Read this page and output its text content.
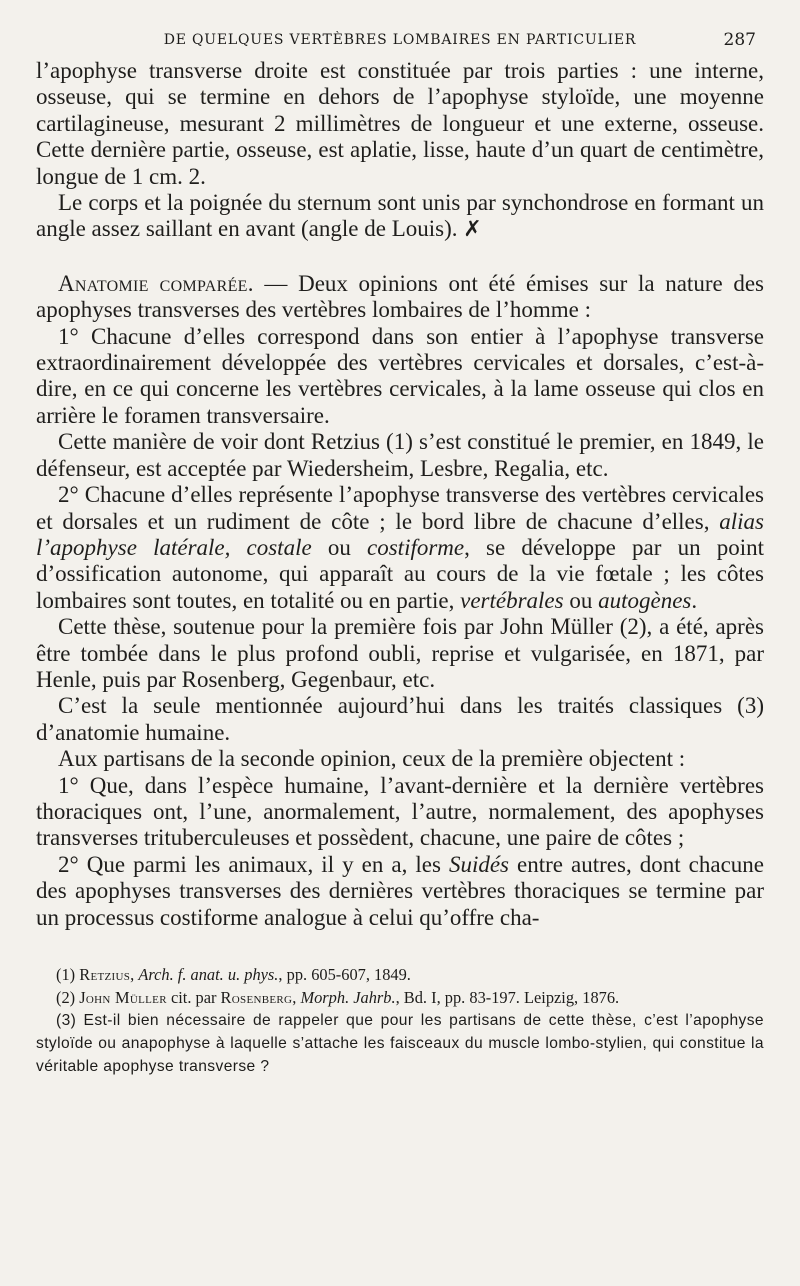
DE QUELQUES VERTÈBRES LOMBAIRES EN PARTICULIER	287

l’apophyse transverse droite est constituée par trois parties : une interne, osseuse, qui se termine en dehors de l’apophyse styloïde, une moyenne cartilagineuse, mesurant 2 millimètres de longueur et une externe, osseuse. Cette dernière partie, osseuse, est aplatie, lisse, haute d’un quart de centimètre, longue de 1 cm. 2.

Le corps et la poignée du sternum sont unis par synchondrose en formant un angle assez saillant en avant (angle de Louis). ✗

Anatomie comparée. — Deux opinions ont été émises sur la nature des apophyses transverses des vertèbres lombaires de l’homme :

1° Chacune d’elles correspond dans son entier à l’apophyse transverse extraordinairement développée des vertèbres cervicales et dorsales, c’est-à-dire, en ce qui concerne les vertèbres cervicales, à la lame osseuse qui clos en arrière le foramen transversaire.

Cette manière de voir dont Retzius (1) s’est constitué le premier, en 1849, le défenseur, est acceptée par Wiedersheim, Lesbre, Regalia, etc.

2° Chacune d’elles représente l’apophyse transverse des vertèbres cervicales et dorsales et un rudiment de côte ; le bord libre de chacune d’elles, alias l’apophyse latérale, costale ou costiforme, se développe par un point d’ossification autonome, qui apparaît au cours de la vie fœtale ; les côtes lombaires sont toutes, en totalité ou en partie, vertébrales ou autogènes.

Cette thèse, soutenue pour la première fois par John Müller (2), a été, après être tombée dans le plus profond oubli, reprise et vulgarisée, en 1871, par Henle, puis par Rosenberg, Gegenbaur, etc.

C’est la seule mentionnée aujourd’hui dans les traités classiques (3) d’anatomie humaine.

Aux partisans de la seconde opinion, ceux de la première objectent :

1° Que, dans l’espèce humaine, l’avant-dernière et la dernière vertèbres thoraciques ont, l’une, anormalement, l’autre, normalement, des apophyses transverses trituberculeuses et possèdent, chacune, une paire de côtes ;

2° Que parmi les animaux, il y en a, les Suidés entre autres, dont chacune des apophyses transverses des dernières vertèbres thoraciques se termine par un processus costiforme analogue à celui qu’offre cha-

(1) Retzius, Arch. f. anat. u. phys., pp. 605-607, 1849.

(2) John Müller cit. par Rosenberg, Morph. Jahrb., Bd. I, pp. 83-197. Leipzig, 1876.

(3) Est-il bien nécessaire de rappeler que pour les partisans de cette thèse, c’est l’apophyse styloïde ou anapophyse à laquelle s’attache les faisceaux du muscle lombo-stylien, qui constitue la véritable apophyse transverse ?
